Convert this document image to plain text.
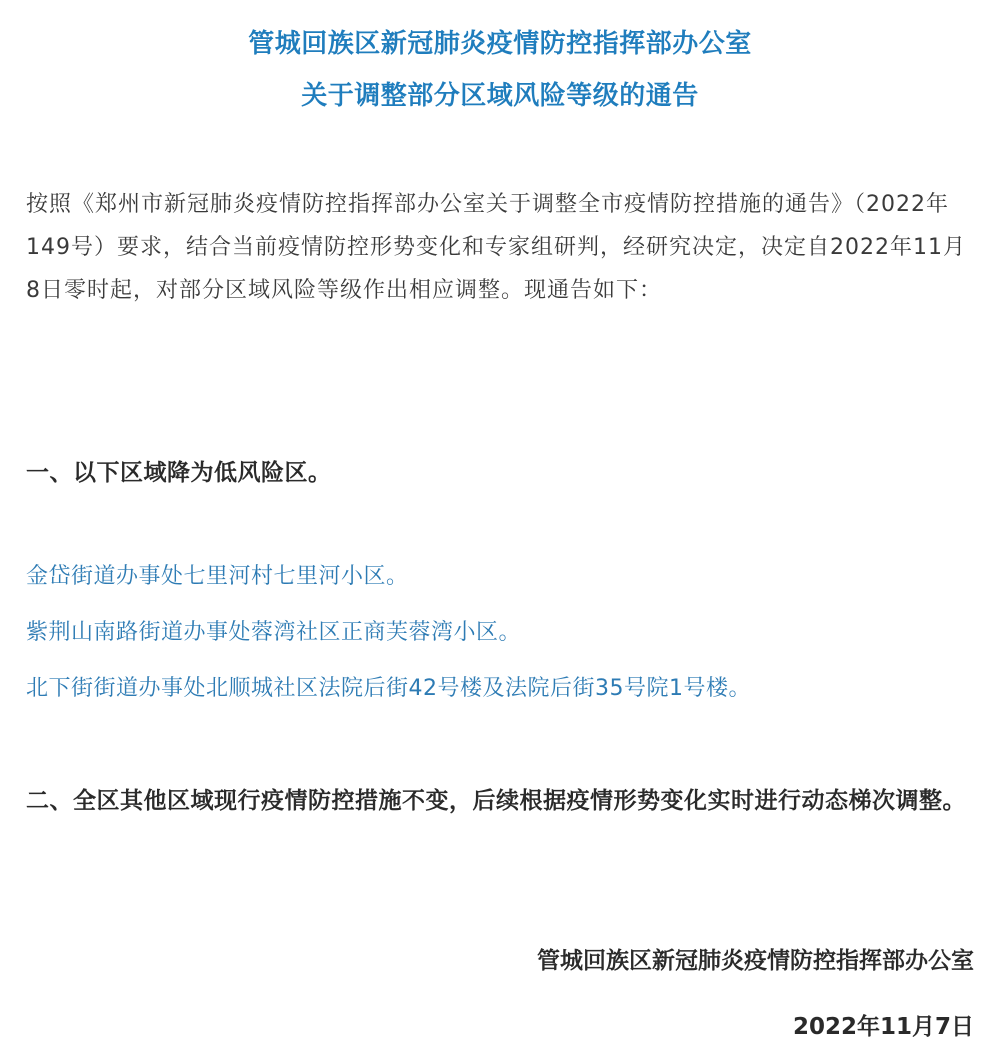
管城回族区新冠肺炎疫情防控指挥部办公室
关于调整部分区域风险等级的通告

按照《郑州市新冠肺炎疫情防控指挥部办公室关于调整全市疫情防控措施的通告》（2022年149号）要求，结合当前疫情防控形势变化和专家组研判，经研究决定，决定自2022年11月8日零时起，对部分区域风险等级作出相应调整。现通告如下：

一、以下区域降为低风险区。

金岱街道办事处七里河村七里河小区。
紫荆山南路街道办事处蓉湾社区正商芙蓉湾小区。
北下街街道办事处北顺城社区法院后街42号楼及法院后街35号院1号楼。

二、全区其他区域现行疫情防控措施不变，后续根据疫情形势变化实时进行动态梯次调整。

管城回族区新冠肺炎疫情防控指挥部办公室
2022年11月7日
